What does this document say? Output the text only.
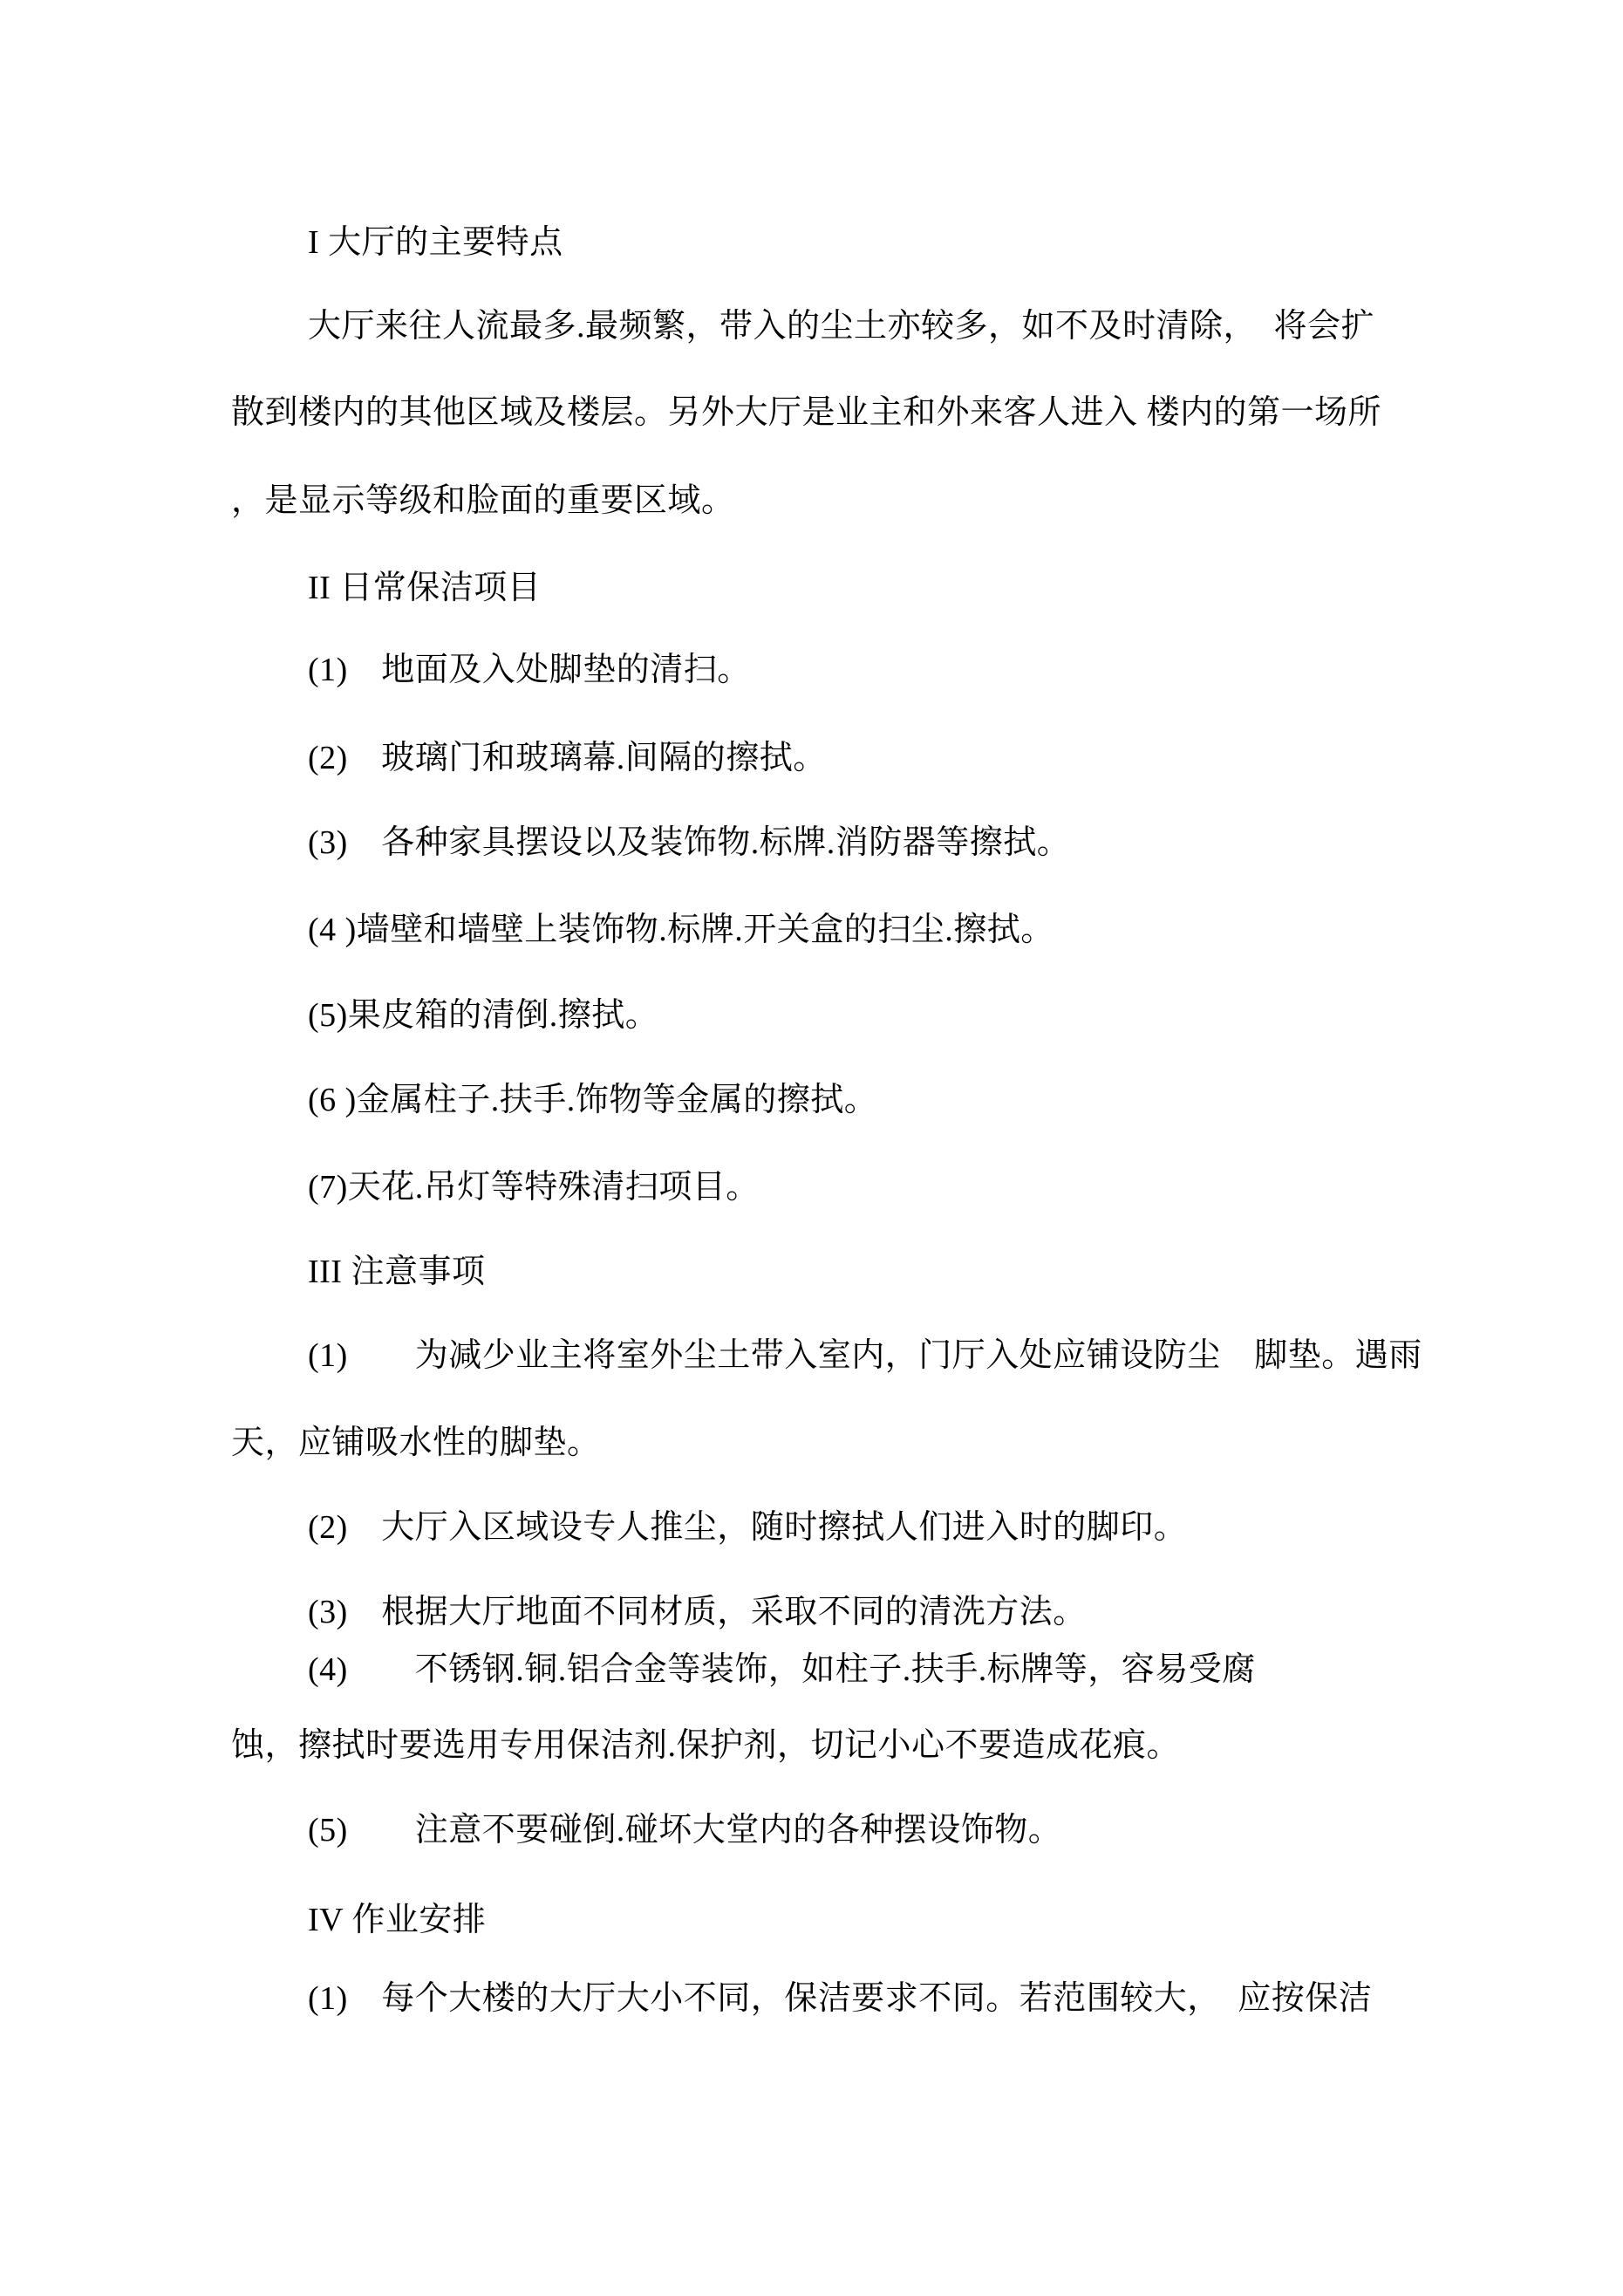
I 大厅的主要特点

大厅来往人流最多.最频繁，带入的尘土亦较多，如不及时清除，　将会扩

散到楼内的其他区域及楼层。另外大厅是业主和外来客人进入 楼内的第一场所

，是显示等级和脸面的重要区域。

II 日常保洁项目

(1)　地面及入处脚垫的清扫。

(2)　玻璃门和玻璃幕.间隔的擦拭。

(3)　各种家具摆设以及装饰物.标牌.消防器等擦拭。

(4 )墙壁和墙壁上装饰物.标牌.开关盒的扫尘.擦拭。

(5)果皮箱的清倒.擦拭。

(6 )金属柱子.扶手.饰物等金属的擦拭。

(7)天花.吊灯等特殊清扫项目。

III 注意事项

(1)　　为减少业主将室外尘土带入室内，门厅入处应铺设防尘　脚垫。遇雨

天，应铺吸水性的脚垫。

(2)　大厅入区域设专人推尘，随时擦拭人们进入时的脚印。

(3)　根据大厅地面不同材质，采取不同的清洗方法。

(4)　　不锈钢.铜.铝合金等装饰，如柱子.扶手.标牌等，容易受腐

蚀，擦拭时要选用专用保洁剂.保护剂，切记小心不要造成花痕。

(5)　　注意不要碰倒.碰坏大堂内的各种摆设饰物。

IV 作业安排

(1)　每个大楼的大厅大小不同，保洁要求不同。若范围较大，　应按保洁
